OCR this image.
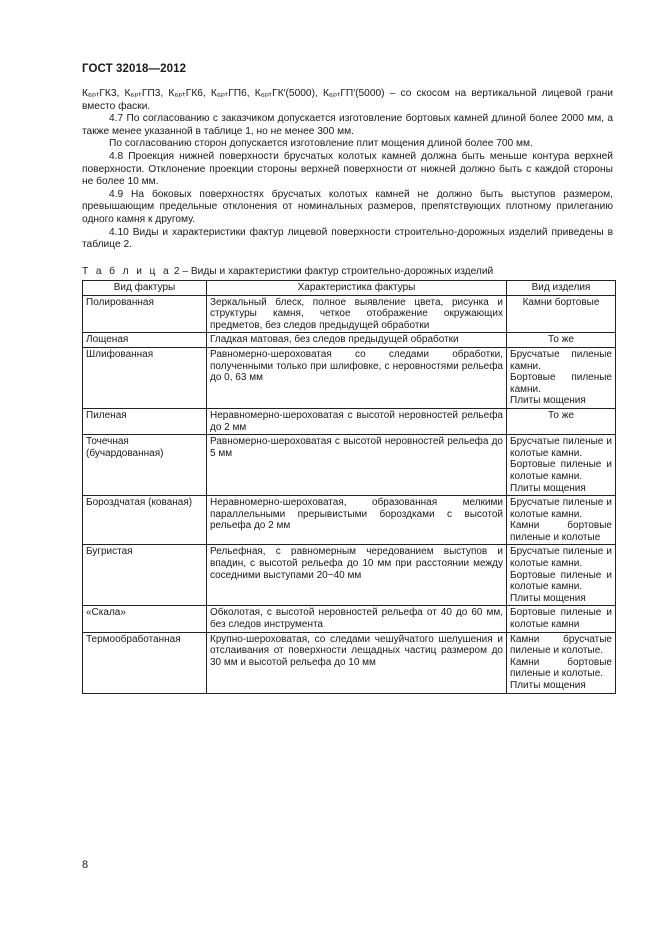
ГОСТ 32018—2012

К₆ₚₜГК3, К₆ₚₜГП3, К₆ₚₜГК6, К₆ₚₜГП6, К₆ₚₜГК′(5000), К₆ₚₜГП′(5000) – со скосом на вертикальной лицевой грани вместо фаски.

4.7 По согласованию с заказчиком допускается изготовление бортовых камней длиной более 2000 мм, а также менее указанной в таблице 1, но не менее 300 мм.

По согласованию сторон допускается изготовление плит мощения длиной более 700 мм.

4.8 Проекция нижней поверхности брусчатых колотых камней должна быть меньше контура верхней поверхности. Отклонение проекции стороны верхней поверхности от нижней должно быть с каждой стороны не более 10 мм.

4.9 На боковых поверхностях брусчатых колотых камней не должно быть выступов размером, превышающим предельные отклонения от номинальных размеров, препятствующих плотному прилеганию одного камня к другому.

4.10 Виды и характеристики фактур лицевой поверхности строительно-дорожных изделий приведены в таблице 2.

Т а б л и ц а 2 – Виды и характеристики фактур строительно-дорожных изделий
Вид фактуры	Характеристика фактуры	Вид изделия
Полированная	Зеркальный блеск, полное выявление цвета, рисунка и структуры камня, четкое отображение окружающих предметов, без следов предыдущей обработки	Камни бортовые

Лощеная	Гладкая матовая, без следов предыдущей обработки	То же

Шлифованная	Равномерно-шероховатая со следами обработки, полученными только при шлифовке, с неровностями рельефа до 0, 63 мм	Брусчатые пиленые камни.
Бортовые пиленые камни.
Плиты мощения

Пиленая	Неравномерно-шероховатая с высотой неровностей рельефа до 2 мм	То же

Точечная (бучардованная)	Равномерно-шероховатая с высотой неровностей рельефа до 5 мм	Брусчатые пиленые и колотые камни.
Бортовые пиленые и колотые камни.
Плиты мощения

Бороздчатая (кованая)	Неравномерно-шероховатая, образованная мелкими параллельными прерывистыми бороздками с высотой рельефа до 2 мм	Брусчатые пиленые и колотые камни.
Камни бортовые пиленые и колотые

Бугристая	Рельефная, с равномерным чередованием выступов и впадин, с высотой рельефа до 10 мм при расстоянии между соседними выступами 20−40 мм	Брусчатые пиленые и колотые камни.
Бортовые пиленые и колотые камни.
Плиты мощения

«Скала»	Обколотая, с высотой неровностей рельефа от 40 до 60 мм, без следов инструмента	Бортовые пиленые и колотые камни

Термообработанная	Крупно-шероховатая, со следами чешуйчатого шелушения и отслаивания от поверхности лещадных частиц размером до 30 мм и высотой рельефа до 10 мм	Камни брусчатые пиленые и колотые.
Камни бортовые пиленые и колотые.
Плиты мощения
8
